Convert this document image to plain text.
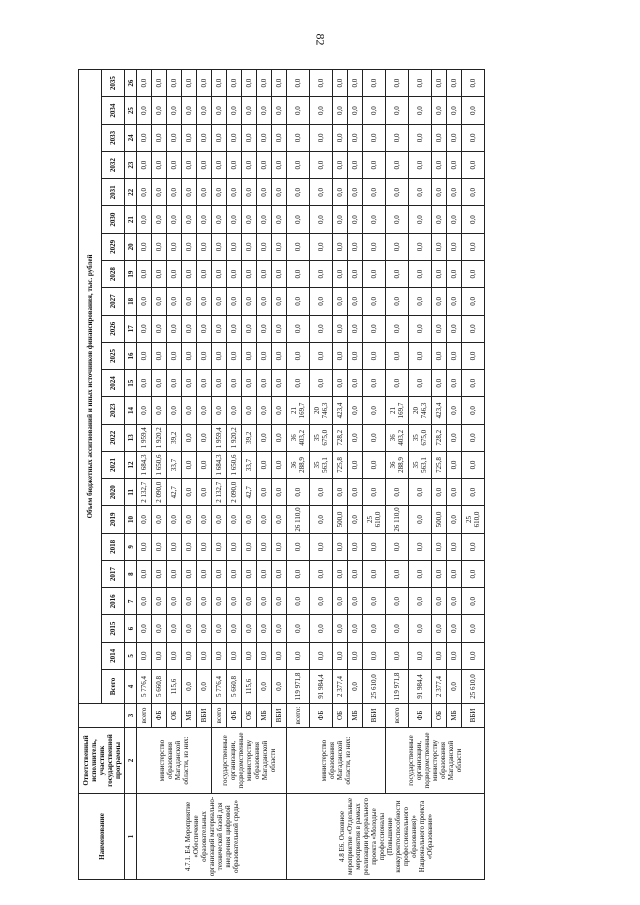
82
Наименование	Ответственный исполнитель, участник государственной программы		Объем бюджетных ассигнований и иных источников финансирования, тыс. рублей																						
			Всего	2014	2015	2016	2017	2018	2019	2020	2021	2022	2023	2024	2025	2026	2027	2028	2029	2030	2031	2032	2033	2034	2035
1	2	3	4	5	6	7	8	9	10	11	12	13	14	15	16	17	18	19	20	21	22	23	24	25	26
4.7.1. Е4. Мероприятие «Обеспечение образовательных организаций материально-технической базой для внедрения цифровой образовательной среды»	министерство образования Магаданской области, из них:	всего	5 776,4	0,0	0,0	0,0	0,0	0,0	0,0	2 132,7	1 684,3	1 959,4	0,0	0,0	0,0	0,0	0,0	0,0	0,0	0,0	0,0	0,0	0,0	0,0	0,0
		ФБ	5 660,8	0,0	0,0	0,0	0,0	0,0	0,0	2 090,0	1 650,6	1 920,2	0,0	0,0	0,0	0,0	0,0	0,0	0,0	0,0	0,0	0,0	0,0	0,0	0,0
		ОБ	115,6	0,0	0,0	0,0	0,0	0,0	0,0	42,7	33,7	39,2	0,0	0,0	0,0	0,0	0,0	0,0	0,0	0,0	0,0	0,0	0,0	0,0	0,0
		МБ	0,0	0,0	0,0	0,0	0,0	0,0	0,0	0,0	0,0	0,0	0,0	0,0	0,0	0,0	0,0	0,0	0,0	0,0	0,0	0,0	0,0	0,0	0,0
		ВБИ	0,0	0,0	0,0	0,0	0,0	0,0	0,0	0,0	0,0	0,0	0,0	0,0	0,0	0,0	0,0	0,0	0,0	0,0	0,0	0,0	0,0	0,0	0,0
	государственные организации, подведомственные министерству образования Магаданской области	всего	5 776,4	0,0	0,0	0,0	0,0	0,0	0,0	2 132,7	1 684,3	1 959,4	0,0	0,0	0,0	0,0	0,0	0,0	0,0	0,0	0,0	0,0	0,0	0,0	0,0
		ФБ	5 660,8	0,0	0,0	0,0	0,0	0,0	0,0	2 090,0	1 650,6	1 920,2	0,0	0,0	0,0	0,0	0,0	0,0	0,0	0,0	0,0	0,0	0,0	0,0	0,0
		ОБ	115,6	0,0	0,0	0,0	0,0	0,0	0,0	42,7	33,7	39,2	0,0	0,0	0,0	0,0	0,0	0,0	0,0	0,0	0,0	0,0	0,0	0,0	0,0
		МБ	0,0	0,0	0,0	0,0	0,0	0,0	0,0	0,0	0,0	0,0	0,0	0,0	0,0	0,0	0,0	0,0	0,0	0,0	0,0	0,0	0,0	0,0	0,0
		ВБИ	0,0	0,0	0,0	0,0	0,0	0,0	0,0	0,0	0,0	0,0	0,0	0,0	0,0	0,0	0,0	0,0	0,0	0,0	0,0	0,0	0,0	0,0	0,0
4.8 Е6. Основное мероприятие «Отдельные мероприятия в рамках реализации федерального проекта «Молодые профессионалы (Повышение конкурентоспособности профессионального образования)» Национального проекта «Образование»	министерство образования Магаданской области, из них:	всего:	119 971,8	0,0	0,0	0,0	0,0	0,0	26 110,0	0,0	36 288,9	36 403,2	21 169,7	0,0	0,0	0,0	0,0	0,0	0,0	0,0	0,0	0,0	0,0	0,0	0,0
		ФБ	91 984,4	0,0	0,0	0,0	0,0	0,0	0,0	0,0	35 563,1	35 675,0	20 746,3	0,0	0,0	0,0	0,0	0,0	0,0	0,0	0,0	0,0	0,0	0,0	0,0
		ОБ	2 377,4	0,0	0,0	0,0	0,0	0,0	500,0	0,0	725,8	728,2	423,4	0,0	0,0	0,0	0,0	0,0	0,0	0,0	0,0	0,0	0,0	0,0	0,0
		МБ	0,0	0,0	0,0	0,0	0,0	0,0	0,0	0,0	0,0	0,0	0,0	0,0	0,0	0,0	0,0	0,0	0,0	0,0	0,0	0,0	0,0	0,0	0,0
		ВБИ	25 610,0	0,0	0,0	0,0	0,0	0,0	25 610,0	0,0	0,0	0,0	0,0	0,0	0,0	0,0	0,0	0,0	0,0	0,0	0,0	0,0	0,0	0,0	0,0
	государственные организации, подведомственные министерству образования Магаданской области	всего	119 971,8	0,0	0,0	0,0	0,0	0,0	26 110,0	0,0	36 288,9	36 403,2	21 169,7	0,0	0,0	0,0	0,0	0,0	0,0	0,0	0,0	0,0	0,0	0,0	0,0
		ФБ	91 984,4	0,0	0,0	0,0	0,0	0,0	0,0	0,0	35 563,1	35 675,0	20 746,3	0,0	0,0	0,0	0,0	0,0	0,0	0,0	0,0	0,0	0,0	0,0	0,0
		ОБ	2 377,4	0,0	0,0	0,0	0,0	0,0	500,0	0,0	725,8	728,2	423,4	0,0	0,0	0,0	0,0	0,0	0,0	0,0	0,0	0,0	0,0	0,0	0,0
		МБ	0,0	0,0	0,0	0,0	0,0	0,0	0,0	0,0	0,0	0,0	0,0	0,0	0,0	0,0	0,0	0,0	0,0	0,0	0,0	0,0	0,0	0,0	0,0
		ВБИ	25 610,0	0,0	0,0	0,0	0,0	0,0	25 610,0	0,0	0,0	0,0	0,0	0,0	0,0	0,0	0,0	0,0	0,0	0,0	0,0	0,0	0,0	0,0	0,0
